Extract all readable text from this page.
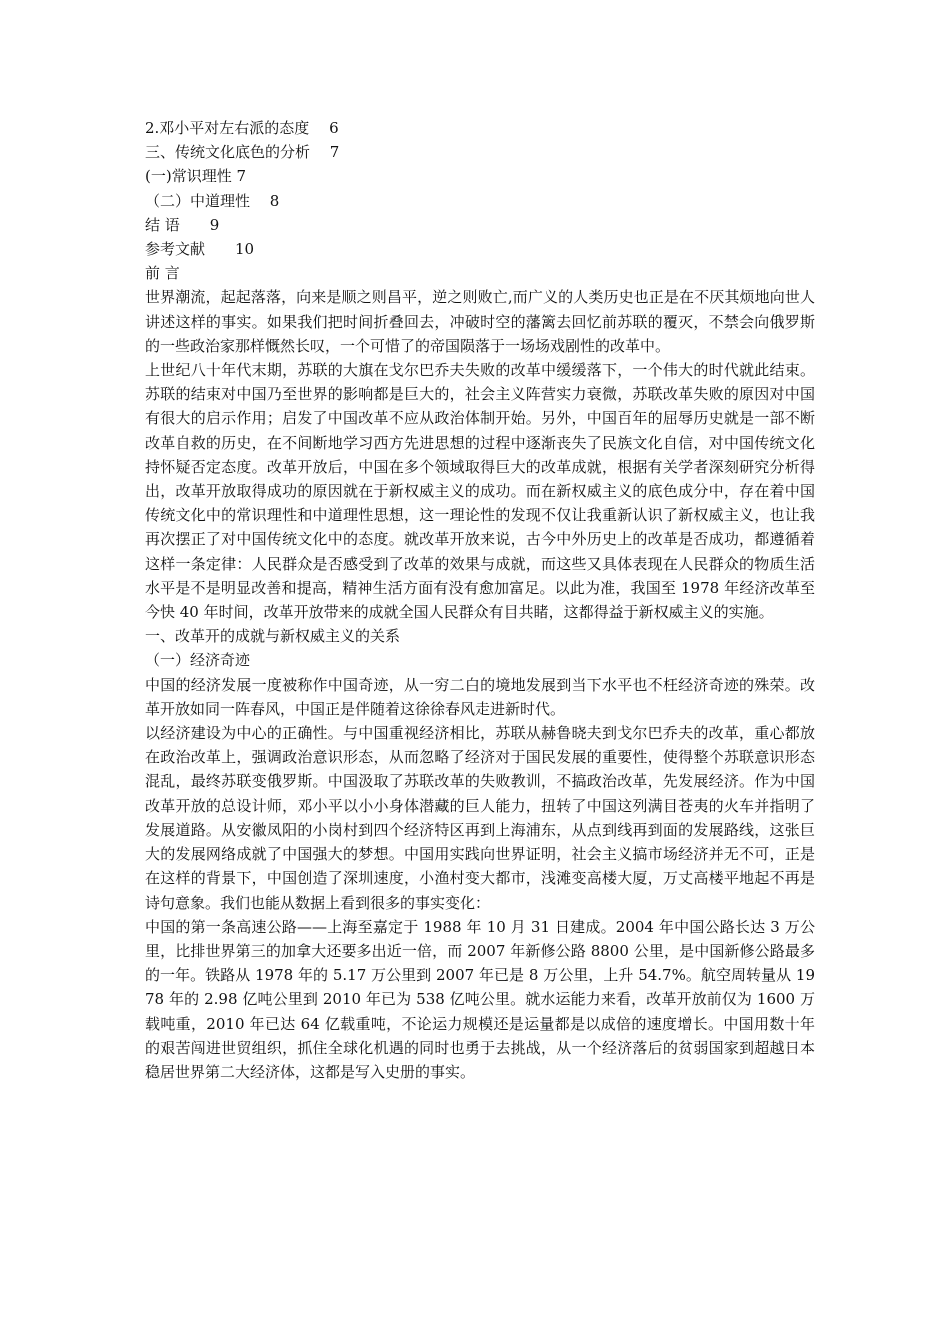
2.邓小平对左右派的态度　 6
三、传统文化底色的分析　 7
(一)常识理性 7
（二）中道理性　 8
结 语　　9
参考文献　　10
前 言
世界潮流，起起落落，向来是顺之则昌平，逆之则败亡,而广义的人类历史也正是在不厌其烦地向世人讲述这样的事实。如果我们把时间折叠回去，冲破时空的藩篱去回忆前苏联的覆灭，不禁会向俄罗斯的一些政治家那样慨然长叹，一个可惜了的帝国陨落于一场场戏剧性的改革中。
上世纪八十年代末期，苏联的大旗在戈尔巴乔夫失败的改革中缓缓落下，一个伟大的时代就此结束。苏联的结束对中国乃至世界的影响都是巨大的，社会主义阵营实力衰微，苏联改革失败的原因对中国有很大的启示作用；启发了中国改革不应从政治体制开始。另外，中国百年的屈辱历史就是一部不断改革自救的历史，在不间断地学习西方先进思想的过程中逐渐丧失了民族文化自信，对中国传统文化持怀疑否定态度。改革开放后，中国在多个领域取得巨大的改革成就，根据有关学者深刻研究分析得出，改革开放取得成功的原因就在于新权威主义的成功。而在新权威主义的底色成分中，存在着中国传统文化中的常识理性和中道理性思想，这一理论性的发现不仅让我重新认识了新权威主义，也让我再次摆正了对中国传统文化中的态度。就改革开放来说，古今中外历史上的改革是否成功，都遵循着这样一条定律：人民群众是否感受到了改革的效果与成就，而这些又具体表现在人民群众的物质生活水平是不是明显改善和提高，精神生活方面有没有愈加富足。以此为准，我国至 1978 年经济改革至今快 40 年时间，改革开放带来的成就全国人民群众有目共睹，这都得益于新权威主义的实施。
一、改革开的成就与新权威主义的关系
（一）经济奇迹
中国的经济发展一度被称作中国奇迹，从一穷二白的境地发展到当下水平也不枉经济奇迹的殊荣。改革开放如同一阵春风，中国正是伴随着这徐徐春风走进新时代。
以经济建设为中心的正确性。与中国重视经济相比，苏联从赫鲁晓夫到戈尔巴乔夫的改革，重心都放在政治改革上，强调政治意识形态，从而忽略了经济对于国民发展的重要性，使得整个苏联意识形态混乱，最终苏联变俄罗斯。中国汲取了苏联改革的失败教训，不搞政治改革，先发展经济。作为中国改革开放的总设计师，邓小平以小小身体潜藏的巨人能力，扭转了中国这列满目苍夷的火车并指明了发展道路。从安徽凤阳的小岗村到四个经济特区再到上海浦东，从点到线再到面的发展路线，这张巨大的发展网络成就了中国强大的梦想。中国用实践向世界证明，社会主义搞市场经济并无不可，正是在这样的背景下，中国创造了深圳速度，小渔村变大都市，浅滩变高楼大厦，万丈高楼平地起不再是诗句意象。我们也能从数据上看到很多的事实变化：
中国的第一条高速公路——上海至嘉定于 1988 年 10 月 31 日建成。2004 年中国公路长达 3 万公里，比排世界第三的加拿大还要多出近一倍，而 2007 年新修公路 8800 公里，是中国新修公路最多的一年。铁路从 1978 年的 5.17 万公里到 2007 年已是 8 万公里，上升 54.7%。航空周转量从 1978 年的 2.98 亿吨公里到 2010 年已为 538 亿吨公里。就水运能力来看，改革开放前仅为 1600 万载吨重，2010 年已达 64 亿载重吨，不论运力规模还是运量都是以成倍的速度增长。中国用数十年的艰苦闯进世贸组织，抓住全球化机遇的同时也勇于去挑战，从一个经济落后的贫弱国家到超越日本稳居世界第二大经济体，这都是写入史册的事实。
